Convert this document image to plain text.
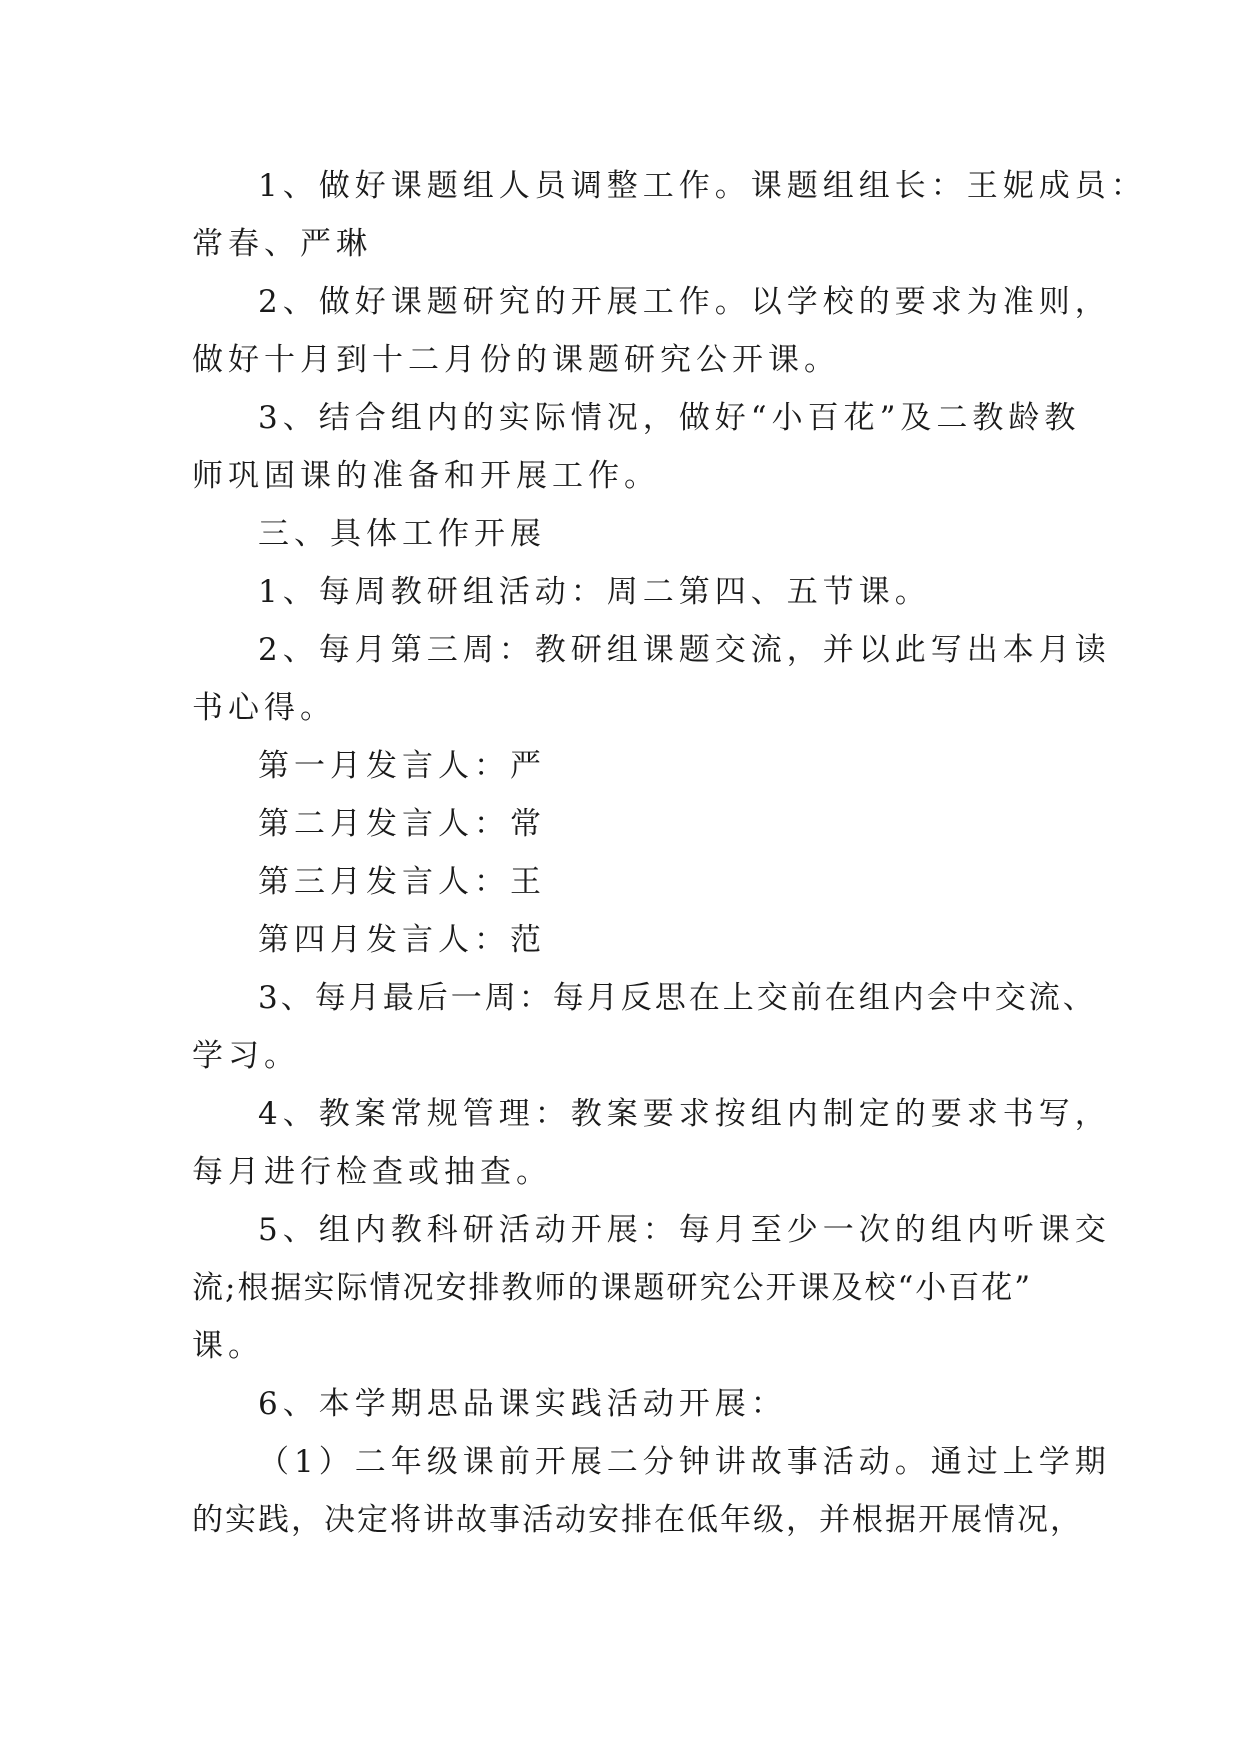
1、做好课题组人员调整工作。课题组组长：王妮成员：
常春、严琳
2、做好课题研究的开展工作。以学校的要求为准则，
做好十月到十二月份的课题研究公开课。
3、结合组内的实际情况，做好“小百花”及二教龄教
师巩固课的准备和开展工作。
三、具体工作开展
1、每周教研组活动：周二第四、五节课。
2、每月第三周：教研组课题交流，并以此写出本月读
书心得。
第一月发言人：严
第二月发言人：常
第三月发言人：王
第四月发言人：范
3、每月最后一周：每月反思在上交前在组内会中交流、
学习。
4、教案常规管理：教案要求按组内制定的要求书写，
每月进行检查或抽查。
5、组内教科研活动开展：每月至少一次的组内听课交
流;根据实际情况安排教师的课题研究公开课及校“小百花”
课。
6、本学期思品课实践活动开展：
（1）二年级课前开展二分钟讲故事活动。通过上学期
的实践，决定将讲故事活动安排在低年级，并根据开展情况，
